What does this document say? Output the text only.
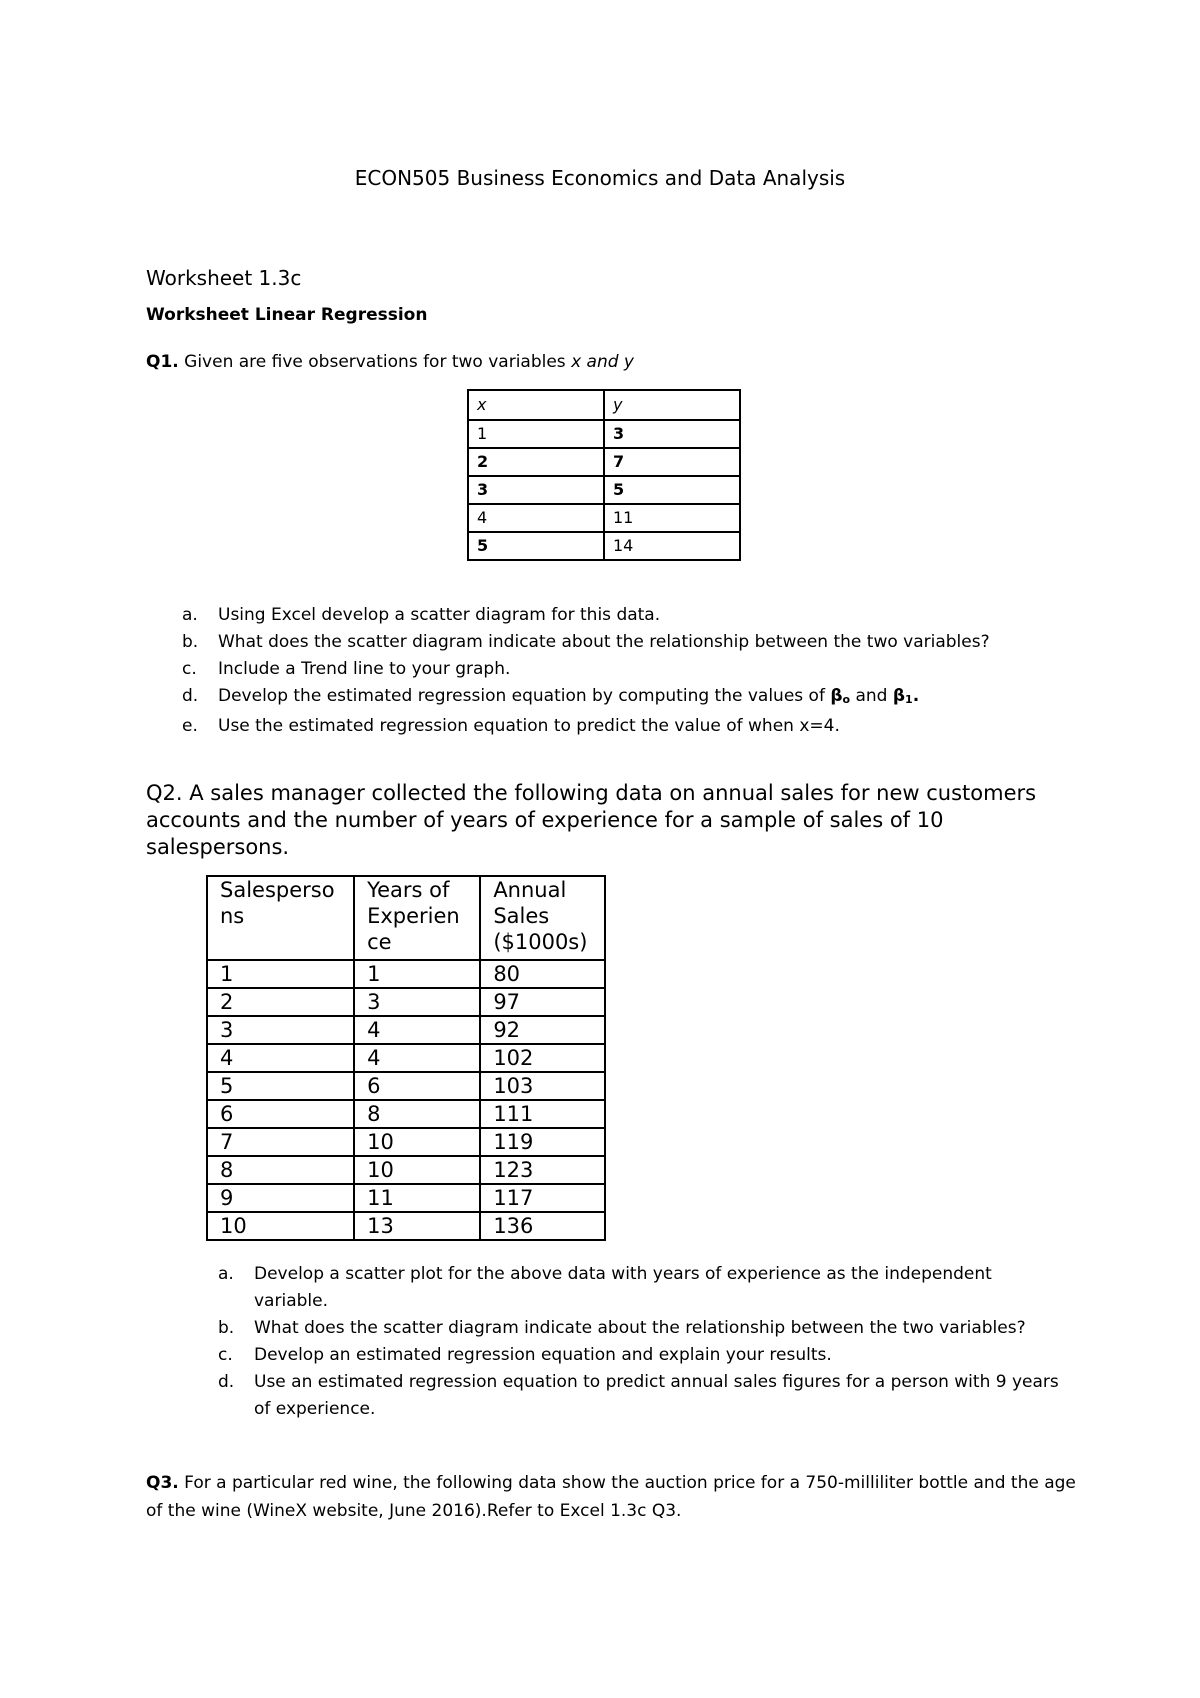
ECON505 Business Economics and Data Analysis
Worksheet 1.3c
Worksheet Linear Regression

Q1. Given are five observations for two variables x and y

x	y
1	3
2	7
3	5
4	11
5	14
a. Using Excel develop a scatter diagram for this data.
b. What does the scatter diagram indicate about the relationship between the two variables?
c. Include a Trend line to your graph.
d. Develop the estimated regression equation by computing the values of βo and β1.
e. Use the estimated regression equation to predict the value of when x=4.

Q2. A sales manager collected the following data on annual sales for new customers accounts and the number of years of experience for a sample of sales of 10 salespersons.

Salesperso ns	Years of Experien ce	Annual Sales ($1000s)
1	1	80
2	3	97
3	4	92
4	4	102
5	6	103
6	8	111
7	10	119
8	10	123
9	11	117
10	13	136
a. Develop a scatter plot for the above data with years of experience as the independent variable.
b. What does the scatter diagram indicate about the relationship between the two variables?
c. Develop an estimated regression equation and explain your results.
d. Use an estimated regression equation to predict annual sales figures for a person with 9 years of experience.

Q3. For a particular red wine, the following data show the auction price for a 750-milliliter bottle and the age of the wine (WineX website, June 2016).Refer to Excel 1.3c Q3.
